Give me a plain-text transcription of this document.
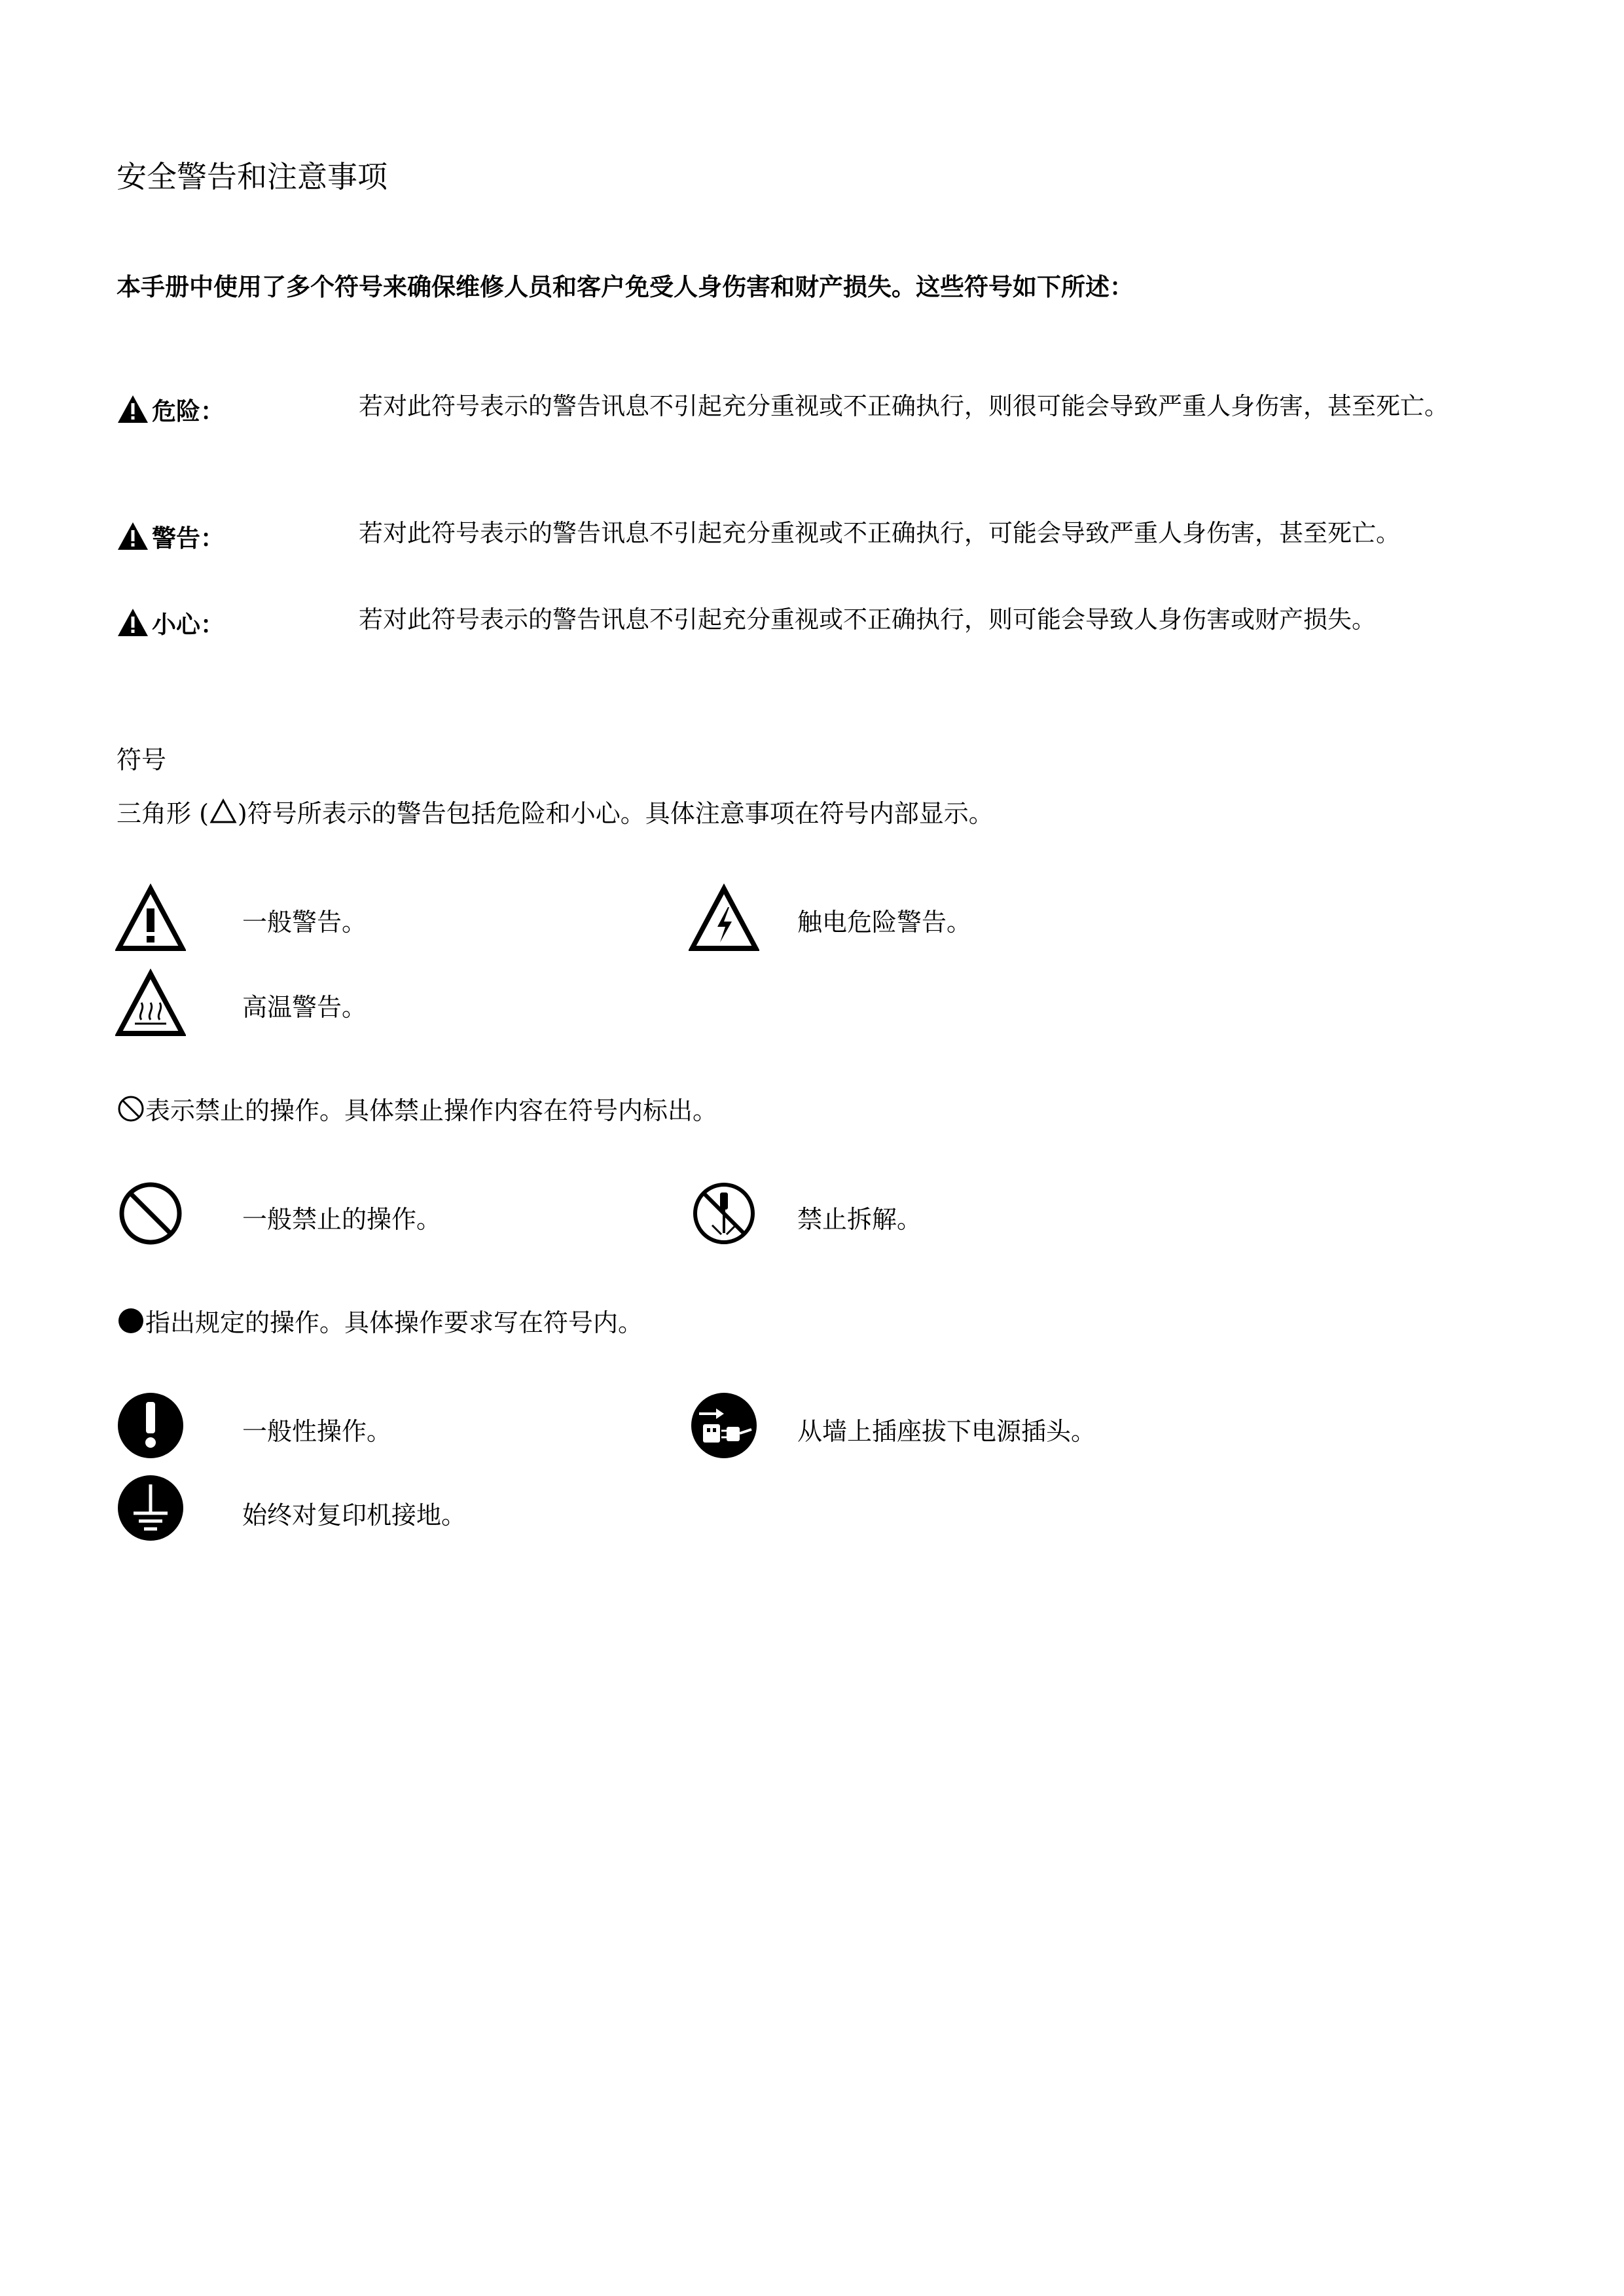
安全警告和注意事项
本手册中使用了多个符号来确保维修人员和客户免受人身伤害和财产损失。这些符号如下所述：
危险：	若对此符号表示的警告讯息不引起充分重视或不正确执行，则很可能会导致严重人身伤害，甚至死亡。
警告：	若对此符号表示的警告讯息不引起充分重视或不正确执行，可能会导致严重人身伤害，甚至死亡。
小心：	若对此符号表示的警告讯息不引起充分重视或不正确执行，则可能会导致人身伤害或财产损失。
符号
三角形 ( )符号所表示的警告包括危险和小心。具体注意事项在符号内部显示。
一般警告。	触电危险警告。
高温警告。
表示禁止的操作。具体禁止操作内容在符号内标出。
一般禁止的操作。	禁止拆解。
指出规定的操作。具体操作要求写在符号内。
一般性操作。	从墙上插座拔下电源插头。
始终对复印机接地。
